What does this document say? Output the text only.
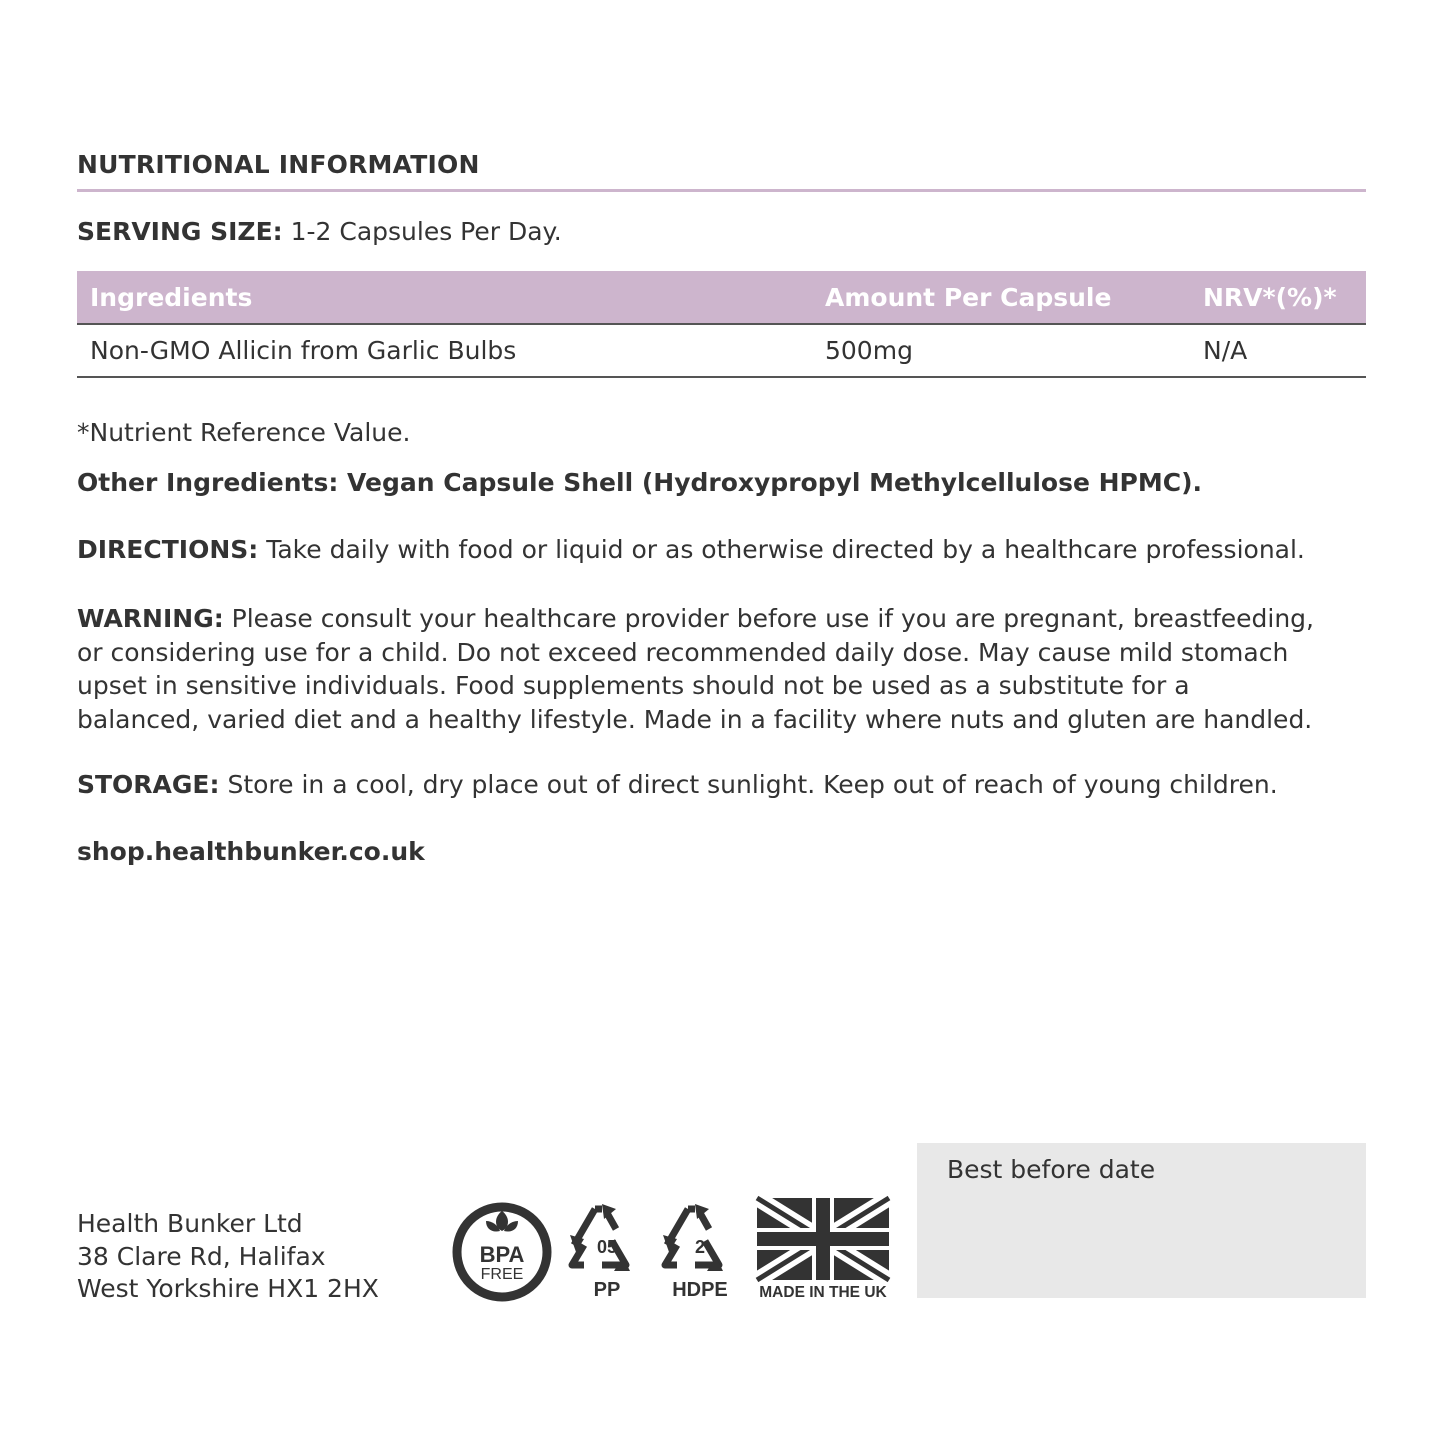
NUTRITIONAL INFORMATION
SERVING SIZE: 1-2 Capsules Per Day.
Ingredients	Amount Per Capsule	NRV*(%)*
Non-GMO Allicin from Garlic Bulbs	500mg	N/A
*Nutrient Reference Value.
Other Ingredients: Vegan Capsule Shell (Hydroxypropyl Methylcellulose HPMC).
DIRECTIONS: Take daily with food or liquid or as otherwise directed by a healthcare professional.
WARNING: Please consult your healthcare provider before use if you are pregnant, breastfeeding,
or considering use for a child. Do not exceed recommended daily dose. May cause mild stomach
upset in sensitive individuals. Food supplements should not be used as a substitute for a
balanced, varied diet and a healthy lifestyle. Made in a facility where nuts and gluten are handled.
STORAGE: Store in a cool, dry place out of direct sunlight. Keep out of reach of young children.
shop.healthbunker.co.uk
Health Bunker Ltd
38 Clare Rd, Halifax
West Yorkshire HX1 2HX
BPA
FREE
05
PP
2
HDPE MADE IN THE UK
Best before date
